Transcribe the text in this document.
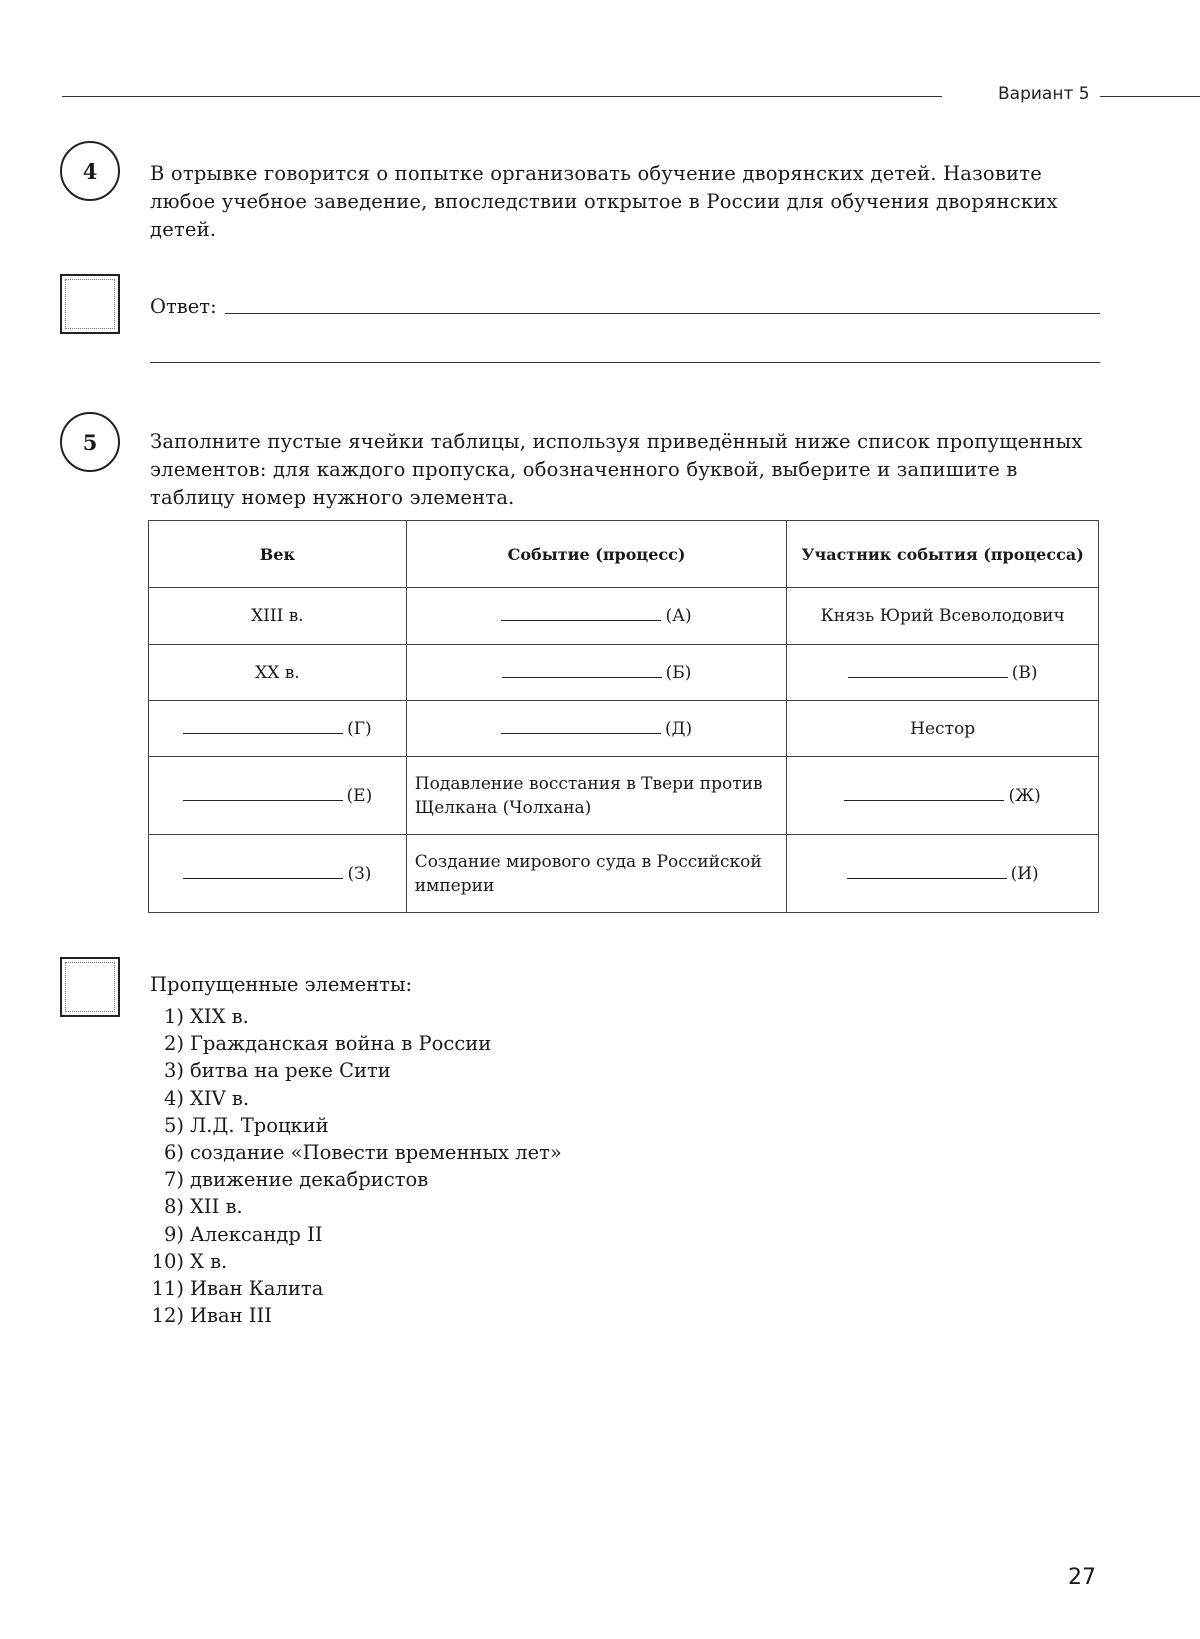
Вариант 5
4	В отрывке говорится о попытке организовать обучение дворянских детей. Назовите любое учебное заведение, впоследствии открытое в России для обучения дворянских детей.
Ответ:
5	Заполните пустые ячейки таблицы, используя приведённый ниже список пропущенных элементов: для каждого пропуска, обозначенного буквой, выберите и запишите в таблицу номер нужного элемента.
Век	Событие (процесс)	Участник события (процесса)
XIII в.	(А)	Князь Юрий Всеволодович
XX в.	(Б)	(В)
(Г)	(Д)	Нестор
(Е)	Подавление восстания в Твери против Щелкана (Чолхана)	(Ж)
(З)	Создание мирового суда в Российской империи	(И)
Пропущенные элементы:
1) XIX в.
2) Гражданская война в России
3) битва на реке Сити
4) XIV в.
5) Л.Д. Троцкий
6) создание «Повести временных лет»
7) движение декабристов
8) XII в.
9) Александр II
10) X в.
11) Иван Калита
12) Иван III
27
